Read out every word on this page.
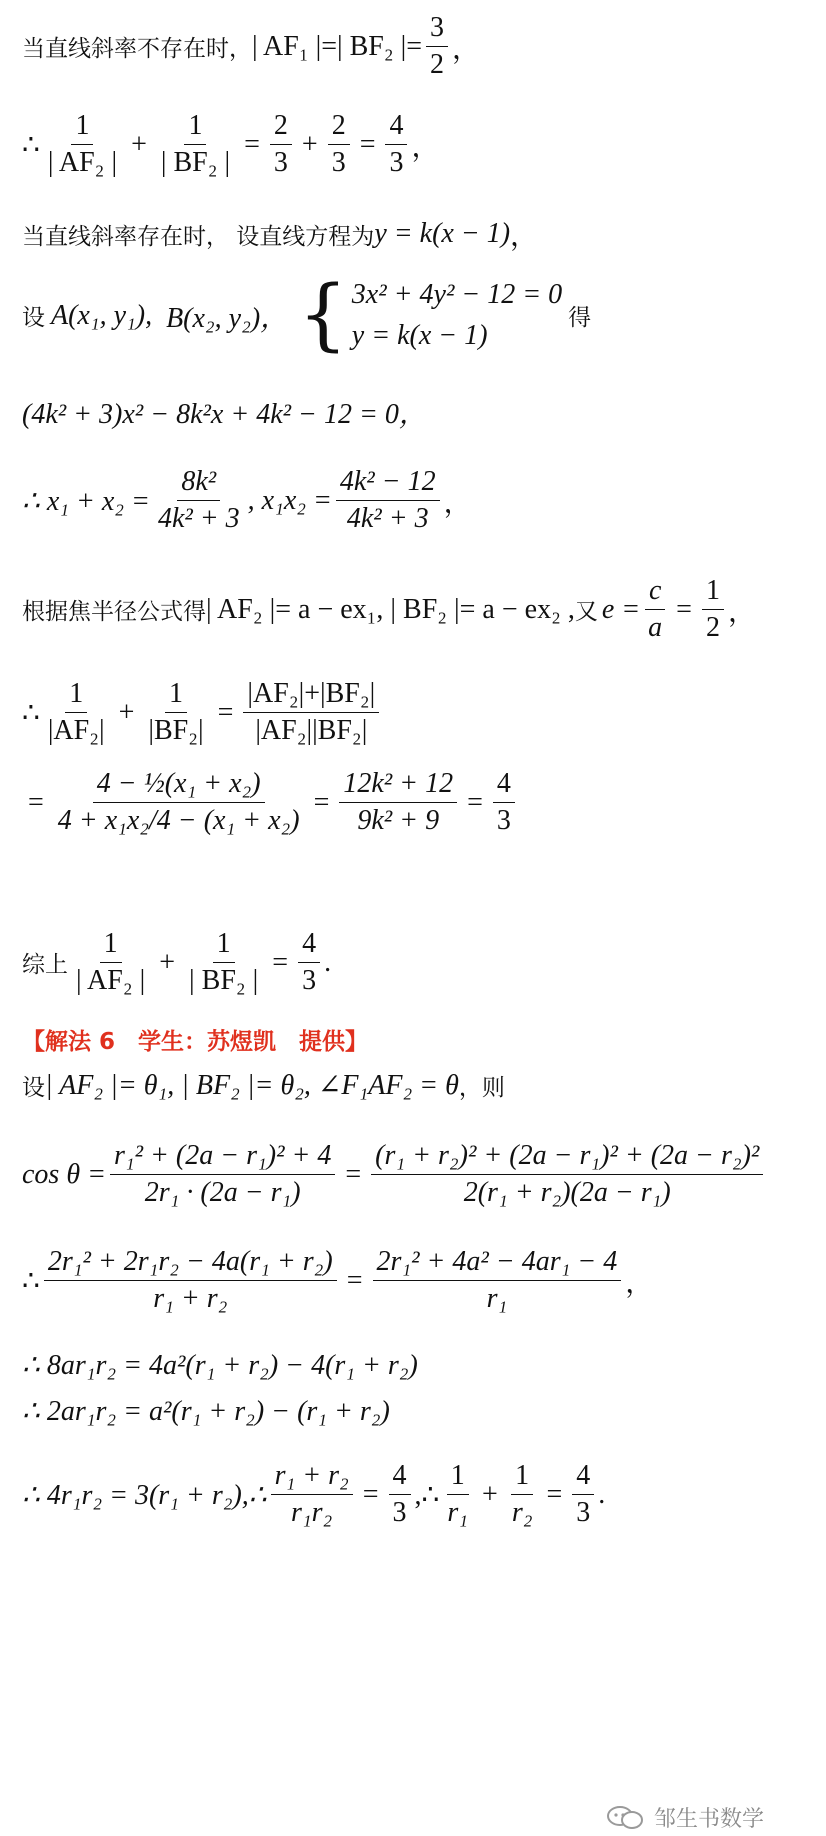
当直线斜率不存在时， | AF₁ |=| BF₂ |= $\frac{3}{2}$ ，
∴ $\frac{1}{\text{| AF₂ |}} + \frac{1}{\text{| BF₂ |}} = \frac{2}{3} + \frac{2}{3} = \frac{4}{3}$ ，
当直线斜率存在时， 设直线方程为 y = k(x − 1) ，
设 A(x₁, y₁), B(x₂, y₂)， { 3x² + 4y² − 12 = 0
y = k(x − 1)
得
(4k² + 3)x² − 8k²x + 4k² − 12 = 0，
∴ $x_1 + x_2 = \frac{\text{8k²}}{\text{4k² + 3}}$ , $x_1x_2 = \frac{\text{4k² − 12}}{\text{4k² + 3}}$ ，
根据焦半径公式得 | AF₂ |= a − ex₁, | BF₂ |= a − ex₂ , 又 $e = \frac{c}{a} = \frac{1}{2}$ ，
∴ $\frac{1}{\text{|AF₂|}} + \frac{1}{\text{|BF₂|}} = \frac{\text{|AF₂|+|BF₂|}}{\text{|AF₂||BF₂|}}$
= $\frac{\text{4 − ½(x₁ + x₂)}}{\text{4 + x₁x₂/4 − (x₁ + x₂)}} = \frac{\text{12k² + 12}}{\text{9k² + 9}} = \frac{4}{3}$
综上 $\frac{1}{\text{| AF₂ |}} + \frac{1}{\text{| BF₂ |}} = \frac{4}{3}$ .
【解法 6　学生：苏煜凯　提供】
设 | AF₂ |= θ₁, | BF₂ |= θ₂, ∠F₁AF₂ = θ ，则
$\cos \theta = \frac{\text{r₁² + (2a − r₁)² + 4}}{\text{2r₁ · (2a − r₁)}} = \frac{\text{(r₁ + r₂)² + (2a − r₁)² + (2a − r₂)²}}{\text{2(r₁ + r₂)(2a − r₁)}}$
∴ $\frac{\text{2r₁² + 2r₁r₂ − 4a(r₁ + r₂)}}{\text{r₁ + r₂}} = \frac{\text{2r₁² + 4a² − 4ar₁ − 4}}{\text{r₁}}$ ，
∴ 8ar₁r₂ = 4a²(r₁ + r₂) − 4(r₁ + r₂)
∴ 2ar₁r₂ = a²(r₁ + r₂) − (r₁ + r₂)
∴ 4r₁r₂ = 3(r₁ + r₂),∴ $\frac{\text{r₁ + r₂}}{\text{r₁r₂}} = \frac{4}{3}$ ,∴ $\frac{1}{\text{r₁}} + \frac{1}{\text{r₂}} = \frac{4}{3}$ .
邹生书数学
